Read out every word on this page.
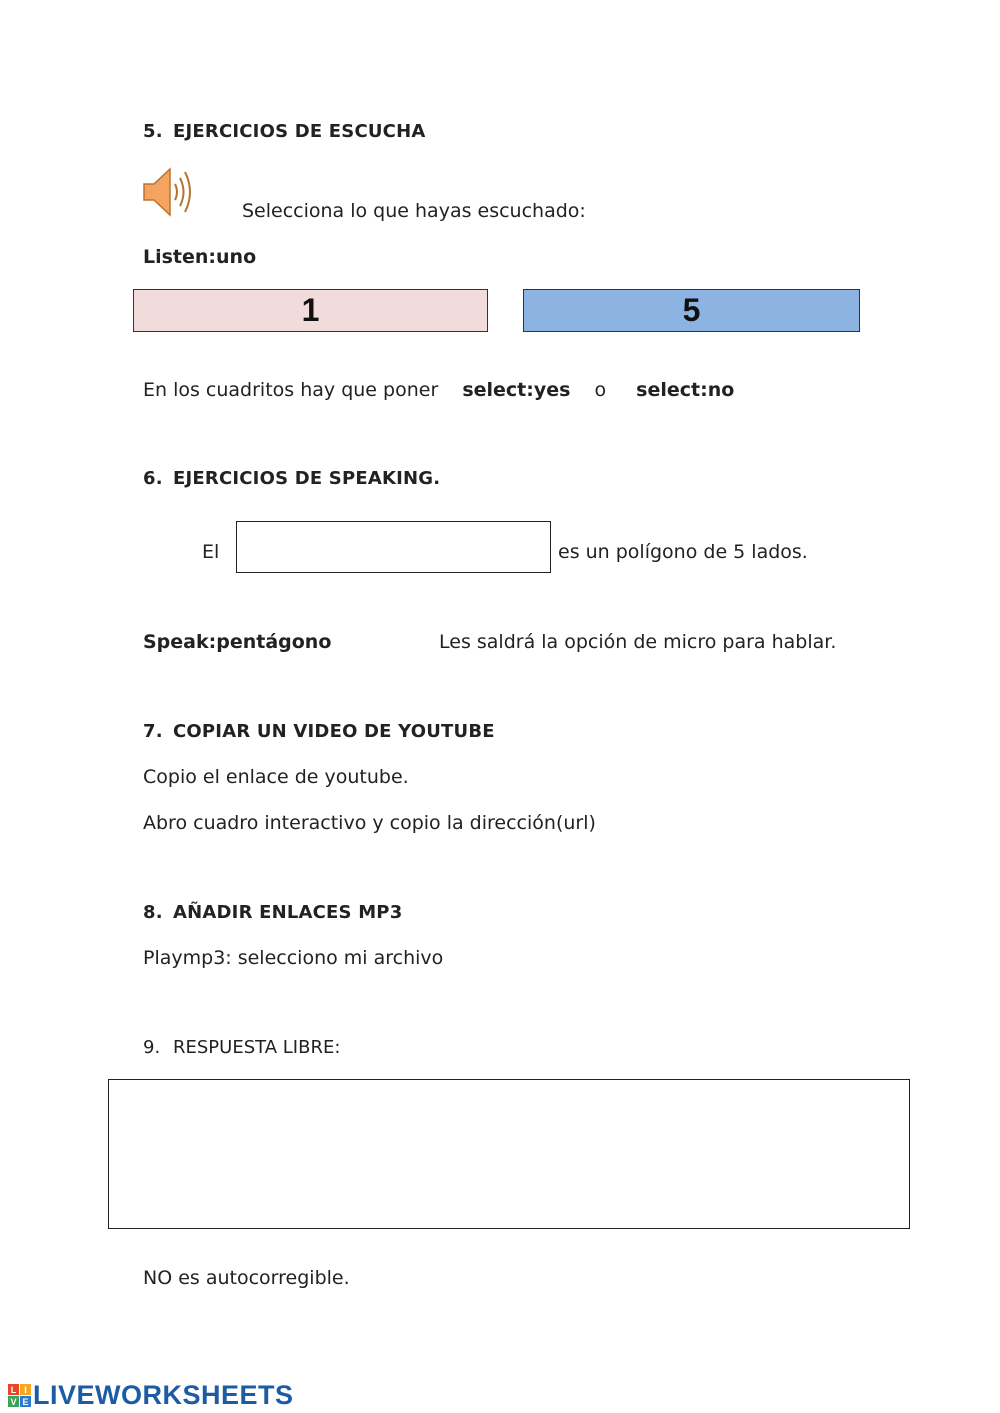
5. EJERCICIOS DE ESCUCHA
Selecciona lo que hayas escuchado:
Listen:uno
1	5
En los cuadritos hay que poner select:yes o select:no
6. EJERCICIOS DE SPEAKING.
El	es un polígono de 5 lados.
Speak:pentágono	Les saldrá la opción de micro para hablar.
7. COPIAR UN VIDEO DE YOUTUBE
Copio el enlace de youtube.
Abro cuadro interactivo y copio la dirección(url)
8. AÑADIR ENLACES MP3
Playmp3: selecciono mi archivo
9. RESPUESTA LIBRE:
NO es autocorregible.
L I
V E LIVEWORKSHEETS
